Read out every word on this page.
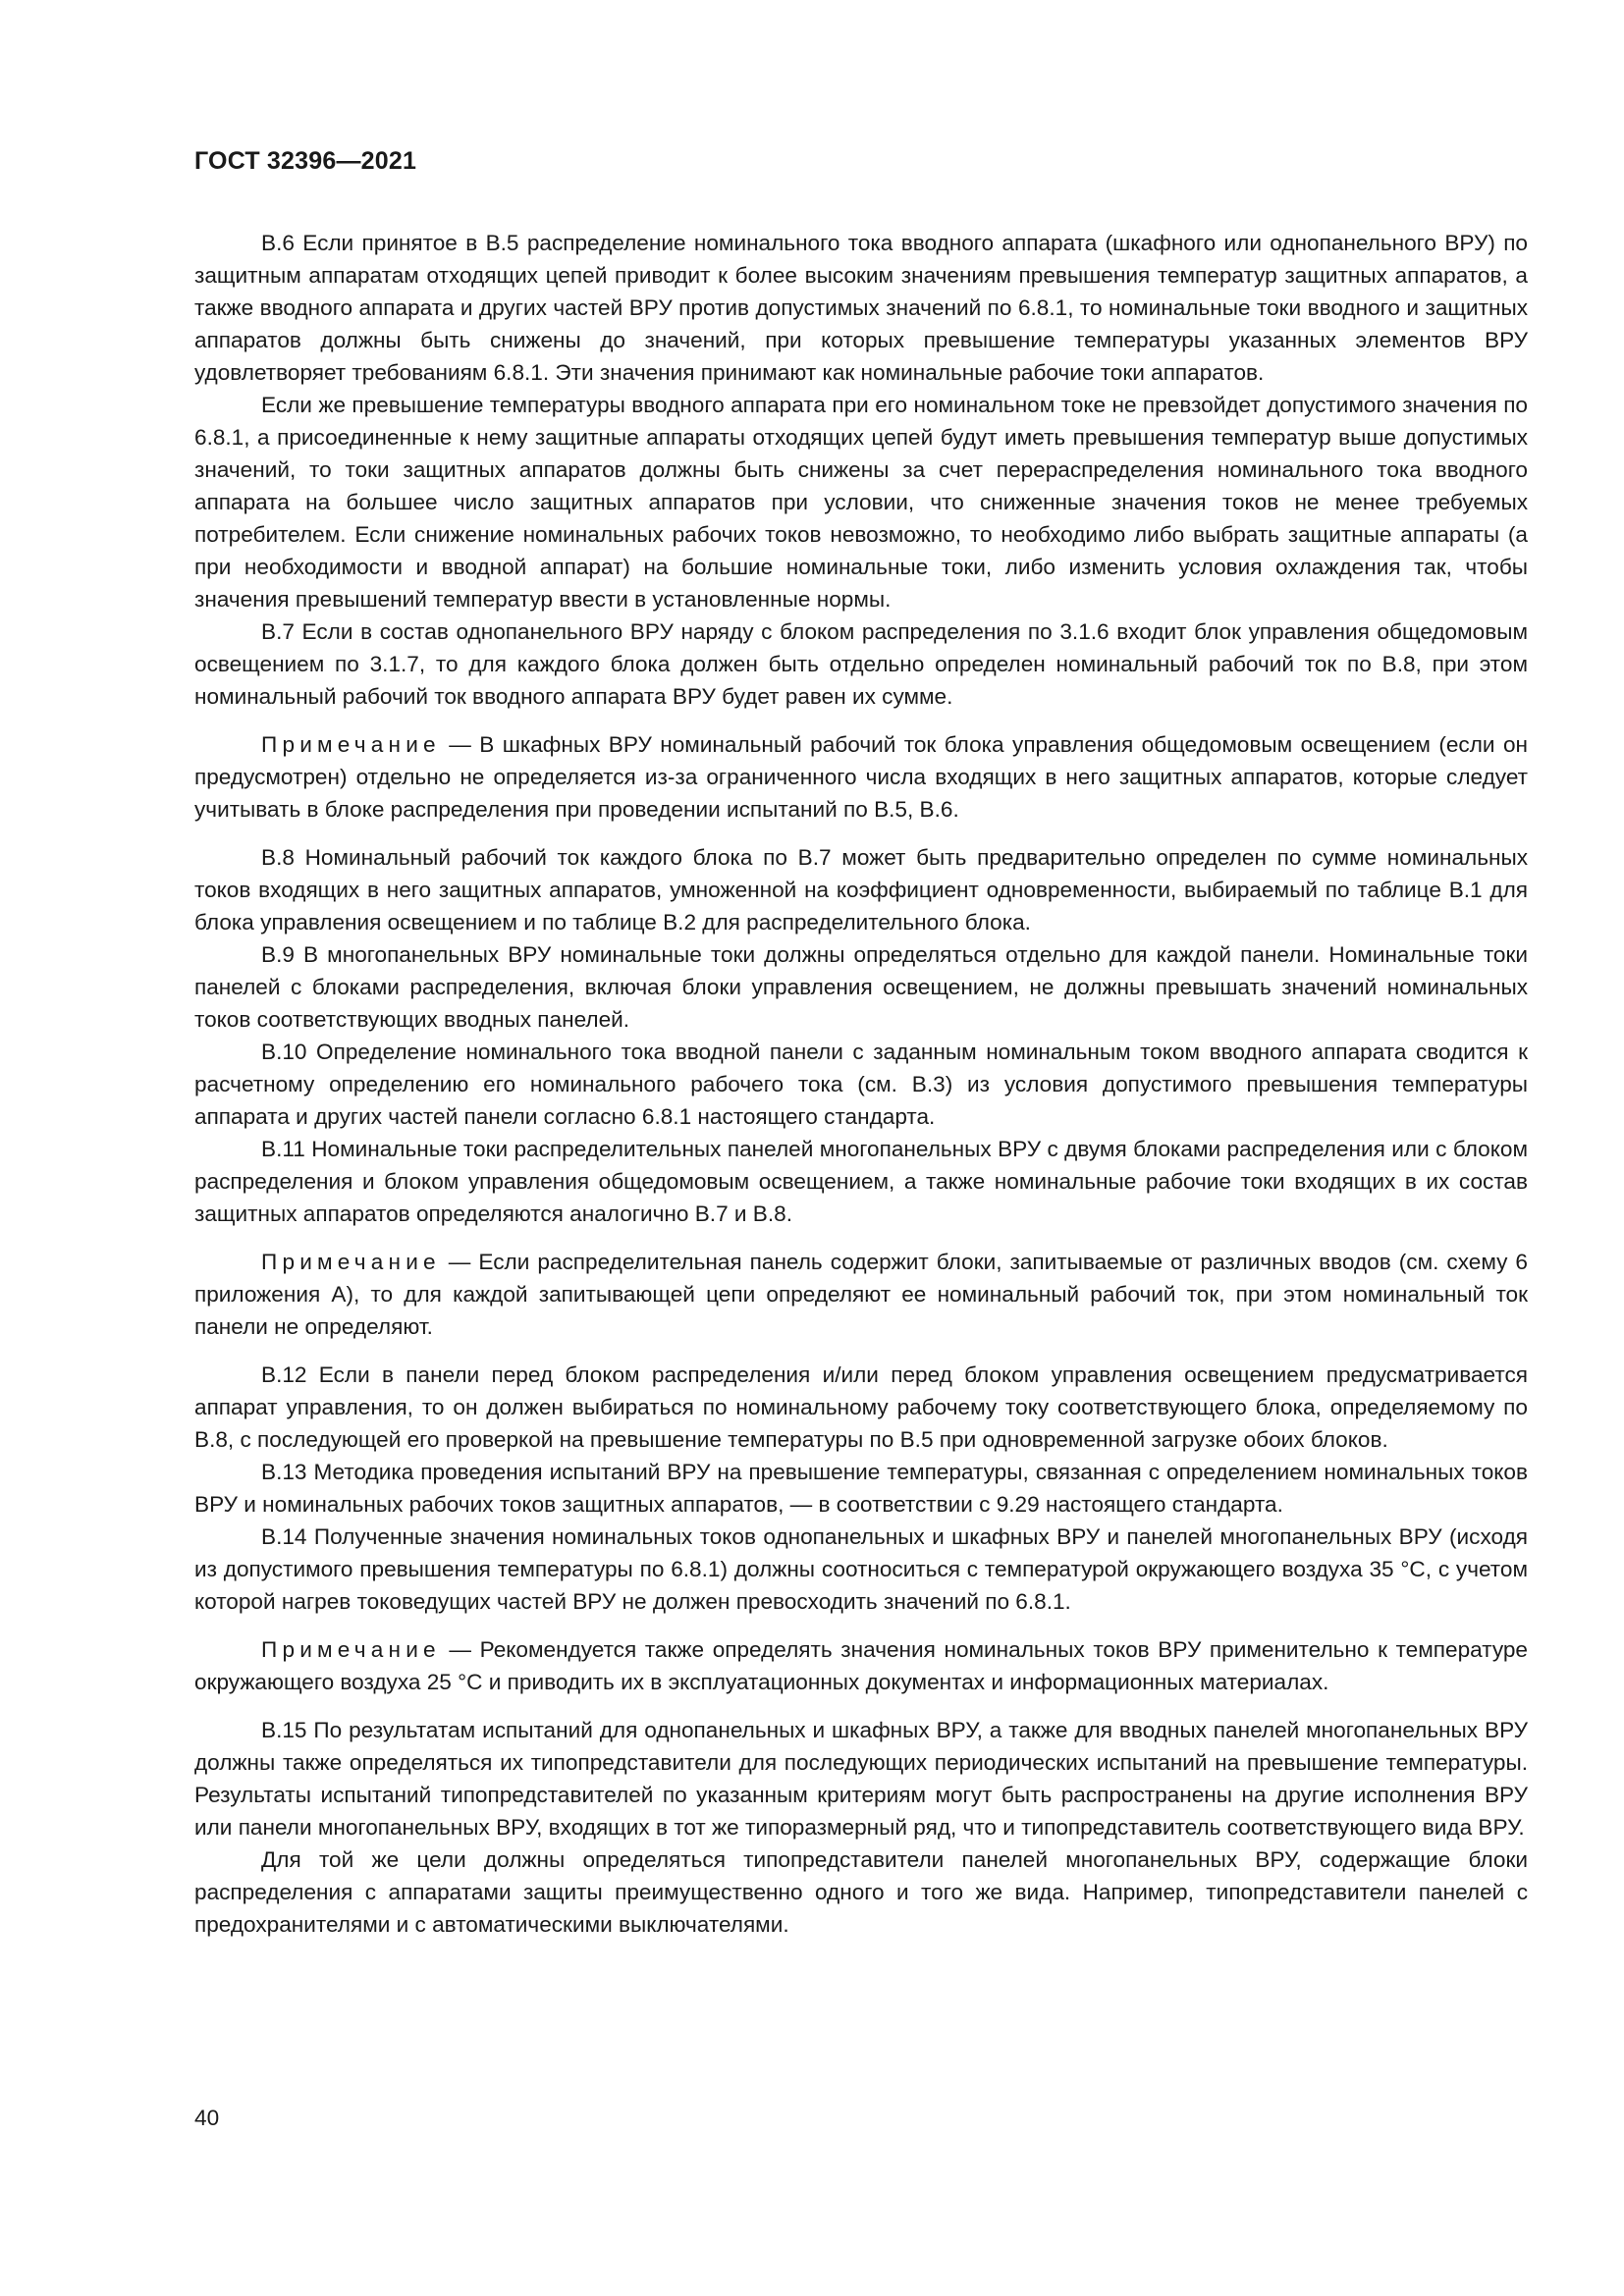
ГОСТ 32396—2021

В.6 Если принятое в В.5 распределение номинального тока вводного аппарата (шкафного или однопанельного ВРУ) по защитным аппаратам отходящих цепей приводит к более высоким значениям превышения температур защитных аппаратов, а также вводного аппарата и других частей ВРУ против допустимых значений по 6.8.1, то номинальные токи вводного и защитных аппаратов должны быть снижены до значений, при которых превышение температуры указанных элементов ВРУ удовлетворяет требованиям 6.8.1. Эти значения принимают как номинальные рабочие токи аппаратов.

Если же превышение температуры вводного аппарата при его номинальном токе не превзойдет допустимого значения по 6.8.1, а присоединенные к нему защитные аппараты отходящих цепей будут иметь превышения температур выше допустимых значений, то токи защитных аппаратов должны быть снижены за счет перераспределения номинального тока вводного аппарата на большее число защитных аппаратов при условии, что сниженные значения токов не менее требуемых потребителем. Если снижение номинальных рабочих токов невозможно, то необходимо либо выбрать защитные аппараты (а при необходимости и вводной аппарат) на большие номинальные токи, либо изменить условия охлаждения так, чтобы значения превышений температур ввести в установленные нормы.

В.7 Если в состав однопанельного ВРУ наряду с блоком распределения по 3.1.6 входит блок управления общедомовым освещением по 3.1.7, то для каждого блока должен быть отдельно определен номинальный рабочий ток по В.8, при этом номинальный рабочий ток вводного аппарата ВРУ будет равен их сумме.

Примечание — В шкафных ВРУ номинальный рабочий ток блока управления общедомовым освещением (если он предусмотрен) отдельно не определяется из-за ограниченного числа входящих в него защитных аппаратов, которые следует учитывать в блоке распределения при проведении испытаний по В.5, В.6.

В.8 Номинальный рабочий ток каждого блока по В.7 может быть предварительно определен по сумме номинальных токов входящих в него защитных аппаратов, умноженной на коэффициент одновременности, выбираемый по таблице В.1 для блока управления освещением и по таблице В.2 для распределительного блока.

В.9 В многопанельных ВРУ номинальные токи должны определяться отдельно для каждой панели. Номинальные токи панелей с блоками распределения, включая блоки управления освещением, не должны превышать значений номинальных токов соответствующих вводных панелей.

В.10 Определение номинального тока вводной панели с заданным номинальным током вводного аппарата сводится к расчетному определению его номинального рабочего тока (см. В.3) из условия допустимого превышения температуры аппарата и других частей панели согласно 6.8.1 настоящего стандарта.

В.11 Номинальные токи распределительных панелей многопанельных ВРУ с двумя блоками распределения или с блоком распределения и блоком управления общедомовым освещением, а также номинальные рабочие токи входящих в их состав защитных аппаратов определяются аналогично В.7 и В.8.

Примечание — Если распределительная панель содержит блоки, запитываемые от различных вводов (см. схему 6 приложения А), то для каждой запитывающей цепи определяют ее номинальный рабочий ток, при этом номинальный ток панели не определяют.

В.12 Если в панели перед блоком распределения и/или перед блоком управления освещением предусматривается аппарат управления, то он должен выбираться по номинальному рабочему току соответствующего блока, определяемому по В.8, с последующей его проверкой на превышение температуры по В.5 при одновременной загрузке обоих блоков.

В.13 Методика проведения испытаний ВРУ на превышение температуры, связанная с определением номинальных токов ВРУ и номинальных рабочих токов защитных аппаратов, — в соответствии с 9.29 настоящего стандарта.

В.14 Полученные значения номинальных токов однопанельных и шкафных ВРУ и панелей многопанельных ВРУ (исходя из допустимого превышения температуры по 6.8.1) должны соотноситься с температурой окружающего воздуха 35 °С, с учетом которой нагрев токоведущих частей ВРУ не должен превосходить значений по 6.8.1.

Примечание — Рекомендуется также определять значения номинальных токов ВРУ применительно к температуре окружающего воздуха 25 °С и приводить их в эксплуатационных документах и информационных материалах.

В.15 По результатам испытаний для однопанельных и шкафных ВРУ, а также для вводных панелей многопанельных ВРУ должны также определяться их типопредставители для последующих периодических испытаний на превышение температуры. Результаты испытаний типопредставителей по указанным критериям могут быть распространены на другие исполнения ВРУ или панели многопанельных ВРУ, входящих в тот же типоразмерный ряд, что и типопредставитель соответствующего вида ВРУ.

Для той же цели должны определяться типопредставители панелей многопанельных ВРУ, содержащие блоки распределения с аппаратами защиты преимущественно одного и того же вида. Например, типопредставители панелей с предохранителями и с автоматическими выключателями.

40
